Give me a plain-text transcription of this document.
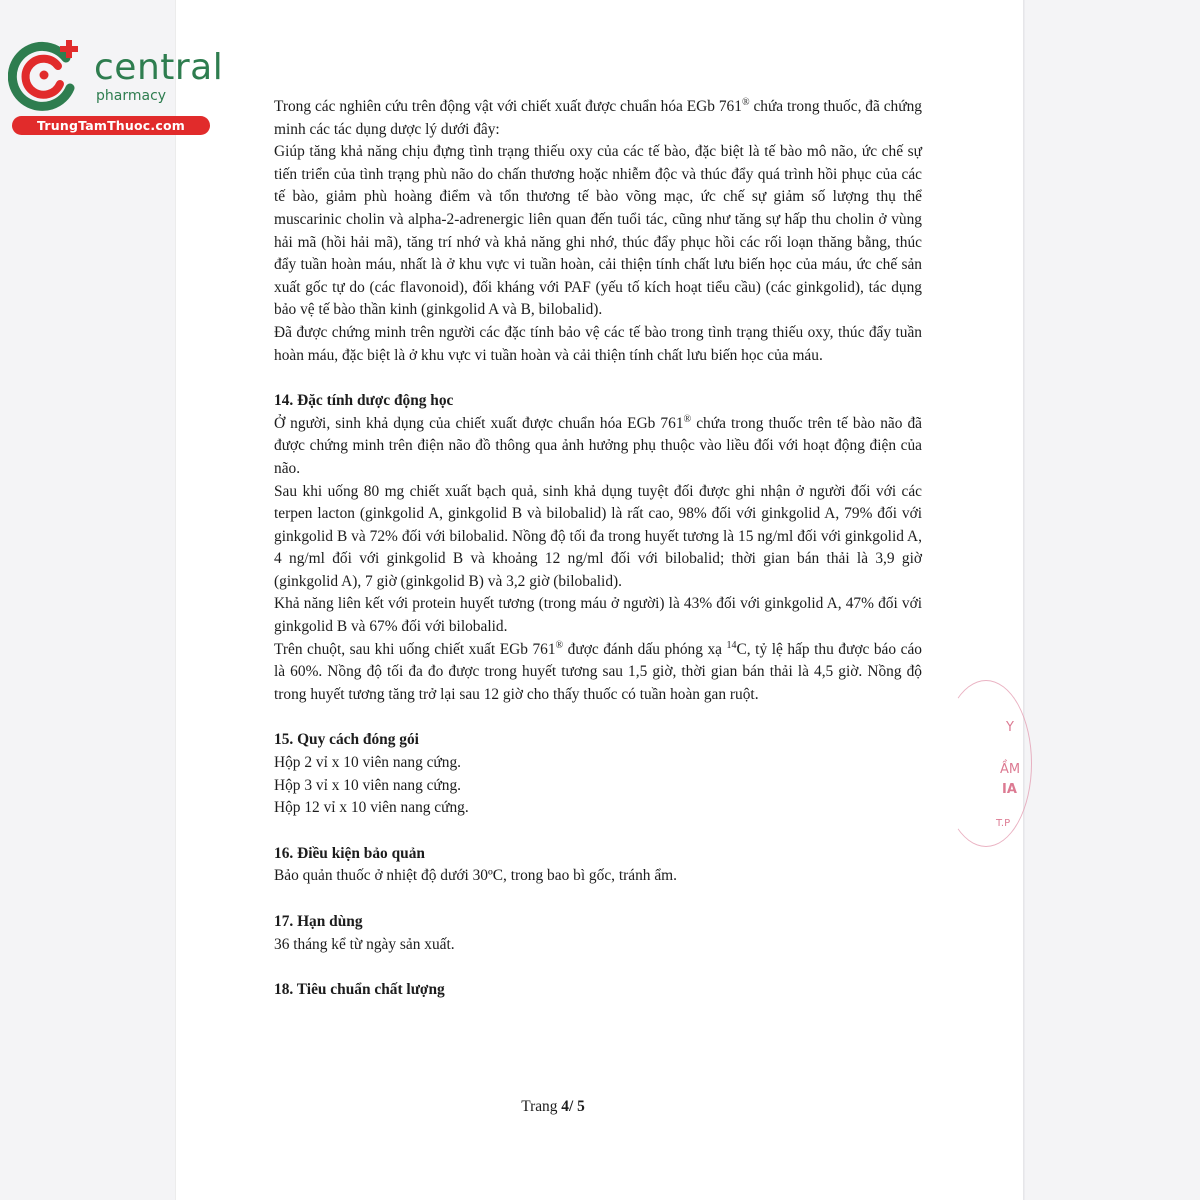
central
pharmacy
TrungTamThuoc.com

Trong các nghiên cứu trên động vật với chiết xuất được chuẩn hóa EGb 761® chứa trong thuốc, đã chứng minh các tác dụng dược lý dưới đây:

Giúp tăng khả năng chịu đựng tình trạng thiếu oxy của các tế bào, đặc biệt là tế bào mô não, ức chế sự tiến triển của tình trạng phù não do chấn thương hoặc nhiễm độc và thúc đẩy quá trình hồi phục của các tế bào, giảm phù hoàng điểm và tổn thương tế bào võng mạc, ức chế sự giảm số lượng thụ thể muscarinic cholin và alpha-2-adrenergic liên quan đến tuổi tác, cũng như tăng sự hấp thu cholin ở vùng hải mã (hồi hải mã), tăng trí nhớ và khả năng ghi nhớ, thúc đẩy phục hồi các rối loạn thăng bằng, thúc đẩy tuần hoàn máu, nhất là ở khu vực vi tuần hoàn, cải thiện tính chất lưu biến học của máu, ức chế sản xuất gốc tự do (các flavonoid), đối kháng với PAF (yếu tố kích hoạt tiểu cầu) (các ginkgolid), tác dụng bảo vệ tế bào thần kinh (ginkgolid A và B, bilobalid).

Đã được chứng minh trên người các đặc tính bảo vệ các tế bào trong tình trạng thiếu oxy, thúc đẩy tuần hoàn máu, đặc biệt là ở khu vực vi tuần hoàn và cải thiện tính chất lưu biến học của máu.

14. Đặc tính dược động học

Ở người, sinh khả dụng của chiết xuất được chuẩn hóa EGb 761® chứa trong thuốc trên tế bào não đã được chứng minh trên điện não đồ thông qua ảnh hưởng phụ thuộc vào liều đối với hoạt động điện của não.

Sau khi uống 80 mg chiết xuất bạch quả, sinh khả dụng tuyệt đối được ghi nhận ở người đối với các terpen lacton (ginkgolid A, ginkgolid B và bilobalid) là rất cao, 98% đối với ginkgolid A, 79% đối với ginkgolid B và 72% đối với bilobalid. Nồng độ tối đa trong huyết tương là 15 ng/ml đối với ginkgolid A, 4 ng/ml đối với ginkgolid B và khoảng 12 ng/ml đối với bilobalid; thời gian bán thải là 3,9 giờ (ginkgolid A), 7 giờ (ginkgolid B) và 3,2 giờ (bilobalid).

Khả năng liên kết với protein huyết tương (trong máu ở người) là 43% đối với ginkgolid A, 47% đối với ginkgolid B và 67% đối với bilobalid.

Trên chuột, sau khi uống chiết xuất EGb 761® được đánh dấu phóng xạ $^{14}$C, tỷ lệ hấp thu được báo cáo là 60%. Nồng độ tối đa đo được trong huyết tương sau 1,5 giờ, thời gian bán thải là 4,5 giờ. Nồng độ trong huyết tương tăng trở lại sau 12 giờ cho thấy thuốc có tuần hoàn gan ruột.

15. Quy cách đóng gói

Hộp 2 vỉ x 10 viên nang cứng.

Hộp 3 vỉ x 10 viên nang cứng.

Hộp 12 vỉ x 10 viên nang cứng.

16. Điều kiện bảo quản

Bảo quản thuốc ở nhiệt độ dưới 30ºC, trong bao bì gốc, tránh ẩm.

17. Hạn dùng

36 tháng kể từ ngày sản xuất.

18. Tiêu chuẩn chất lượng
Trang 4/ 5
Y
ẦM
IA
T.P
